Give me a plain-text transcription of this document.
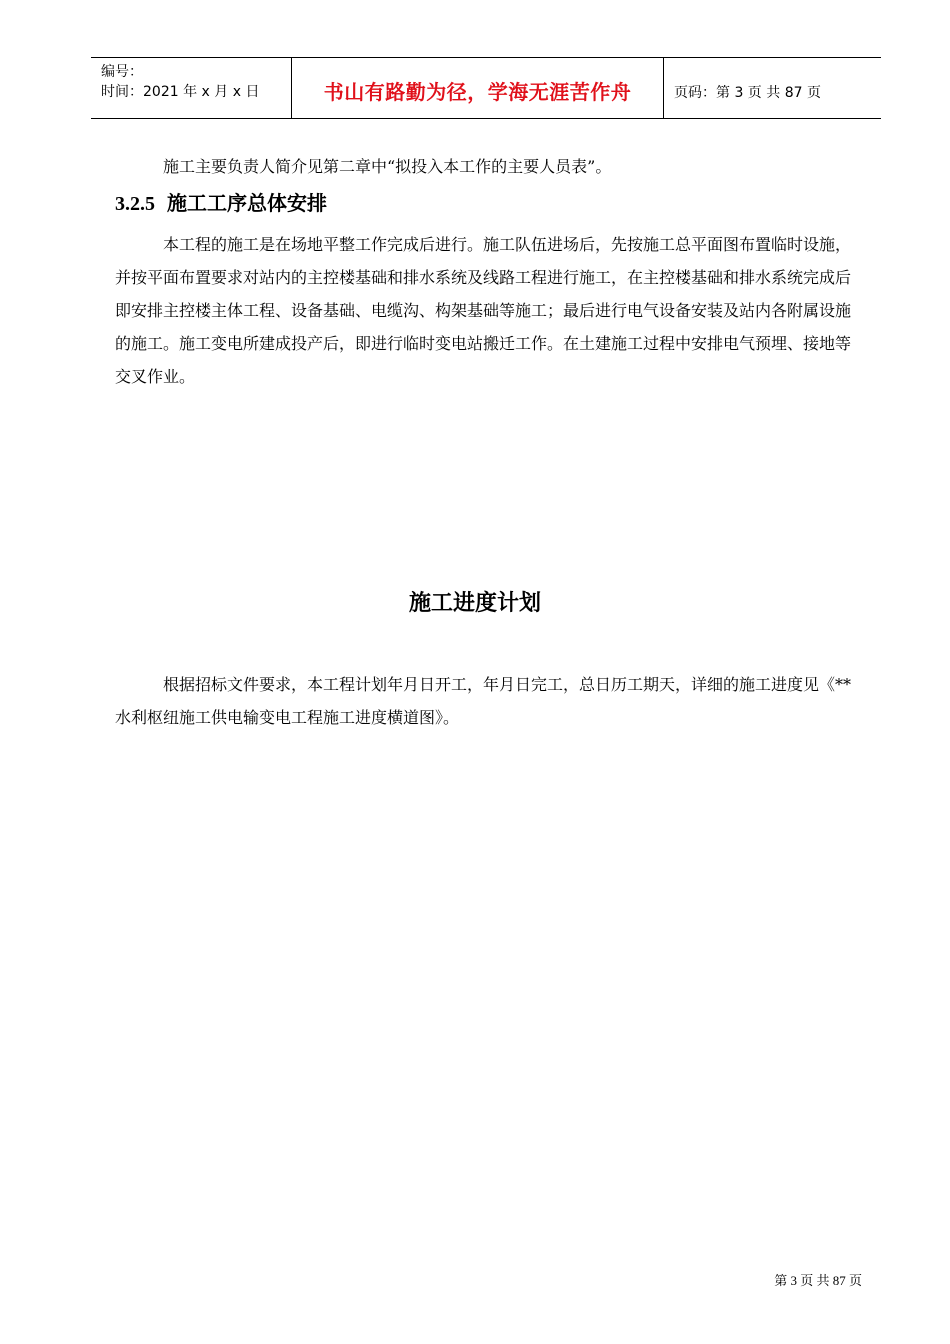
编号：
时间：2021 年 x 月 x 日	书山有路勤为径，学海无涯苦作舟	页码：第 3 页 共 87 页

施工主要负责人简介见第二章中“拟投入本工作的主要人员表”。

3.2.5 施工工序总体安排

本工程的施工是在场地平整工作完成后进行。施工队伍进场后，先按施工总平面图布置临时设施，并按平面布置要求对站内的主控楼基础和排水系统及线路工程进行施工，在主控楼基础和排水系统完成后即安排主控楼主体工程、设备基础、电缆沟、构架基础等施工；最后进行电气设备安装及站内各附属设施的施工。施工变电所建成投产后，即进行临时变电站搬迁工作。在土建施工过程中安排电气预埋、接地等交叉作业。

施工进度计划

根据招标文件要求，本工程计划年月日开工，年月日完工，总日历工期天，详细的施工进度见《**水利枢纽施工供电输变电工程施工进度横道图》。

第 3 页 共 87 页
